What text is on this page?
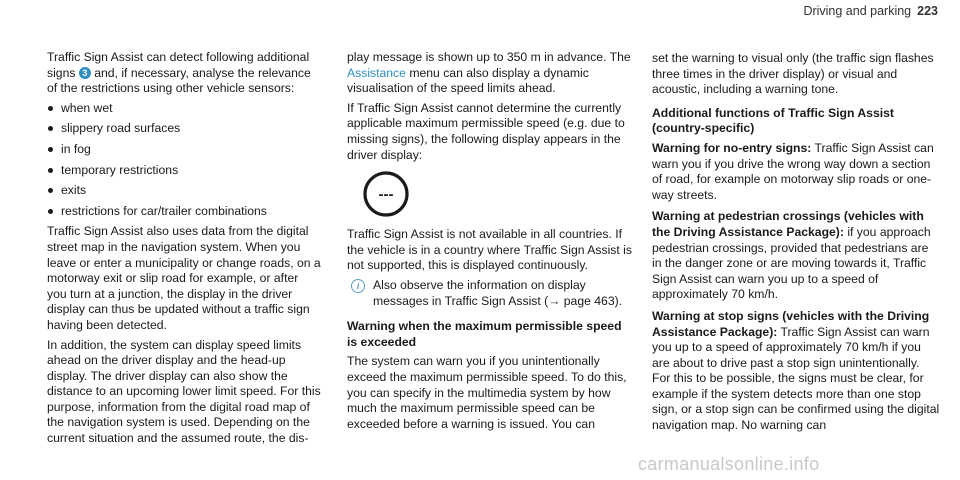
Driving and parking 223

Traffic Sign Assist can detect following additional signs 3 and, if necessary, analyse the relevance of the restrictions using other vehicle sensors:

when wet
slippery road surfaces
in fog
temporary restrictions
exits
restrictions for car/trailer combinations

Traffic Sign Assist also uses data from the digital street map in the navigation system. When you leave or enter a municipality or change roads, on a motorway exit or slip road for example, or after you turn at a junction, the display in the driver display can thus be updated without a traffic sign having been detected.

In addition, the system can display speed limits ahead on the driver display and the head-up display. The driver display can also show the distance to an upcoming lower limit speed. For this purpose, information from the digital road map of the navigation system is used. Depending on the current situation and the assumed route, the dis-

play message is shown up to 350 m in advance. The Assistance menu can also display a dynamic visualisation of the speed limits ahead.

If Traffic Sign Assist cannot determine the currently applicable maximum permissible speed (e.g. due to missing signs), the following display appears in the driver display:

---

Traffic Sign Assist is not available in all countries. If the vehicle is in a country where Traffic Sign Assist is not supported, this is displayed continuously.

i	Also observe the information on display messages in Traffic Sign Assist (→ page 463).

Warning when the maximum permissible speed is exceeded

The system can warn you if you unintentionally exceed the maximum permissible speed. To do this, you can specify in the multimedia system by how much the maximum permissible speed can be exceeded before a warning is issued. You can

set the warning to visual only (the traffic sign flashes three times in the driver display) or visual and acoustic, including a warning tone.

Additional functions of Traffic Sign Assist (country-specific)

Warning for no-entry signs: Traffic Sign Assist can warn you if you drive the wrong way down a section of road, for example on motorway slip roads or one-way streets.

Warning at pedestrian crossings (vehicles with the Driving Assistance Package): if you approach pedestrian crossings, provided that pedestrians are in the danger zone or are moving towards it, Traffic Sign Assist can warn you up to a speed of approximately 70 km/h.

Warning at stop signs (vehicles with the Driving Assistance Package): Traffic Sign Assist can warn you up to a speed of approximately 70 km/h if you are about to drive past a stop sign unintentionally. For this to be possible, the signs must be clear, for example if the system detects more than one stop sign, or a stop sign can be confirmed using the digital navigation map. No warning can

carmanualsonline.info
